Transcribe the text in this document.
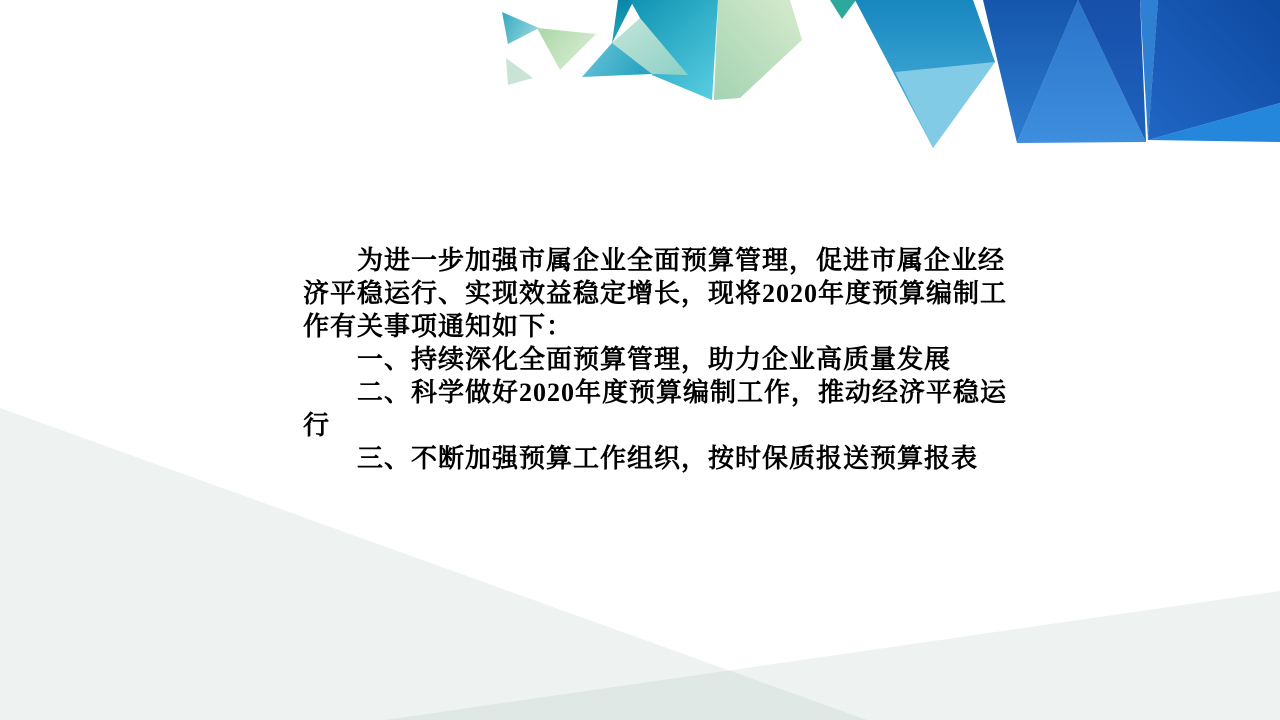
为进一步加强市属企业全面预算管理，促进市属企业经
济平稳运行、实现效益稳定增长，现将2020年度预算编制工
作有关事项通知如下：
一、持续深化全面预算管理，助力企业高质量发展
二、科学做好2020年度预算编制工作，推动经济平稳运
行
三、不断加强预算工作组织，按时保质报送预算报表
